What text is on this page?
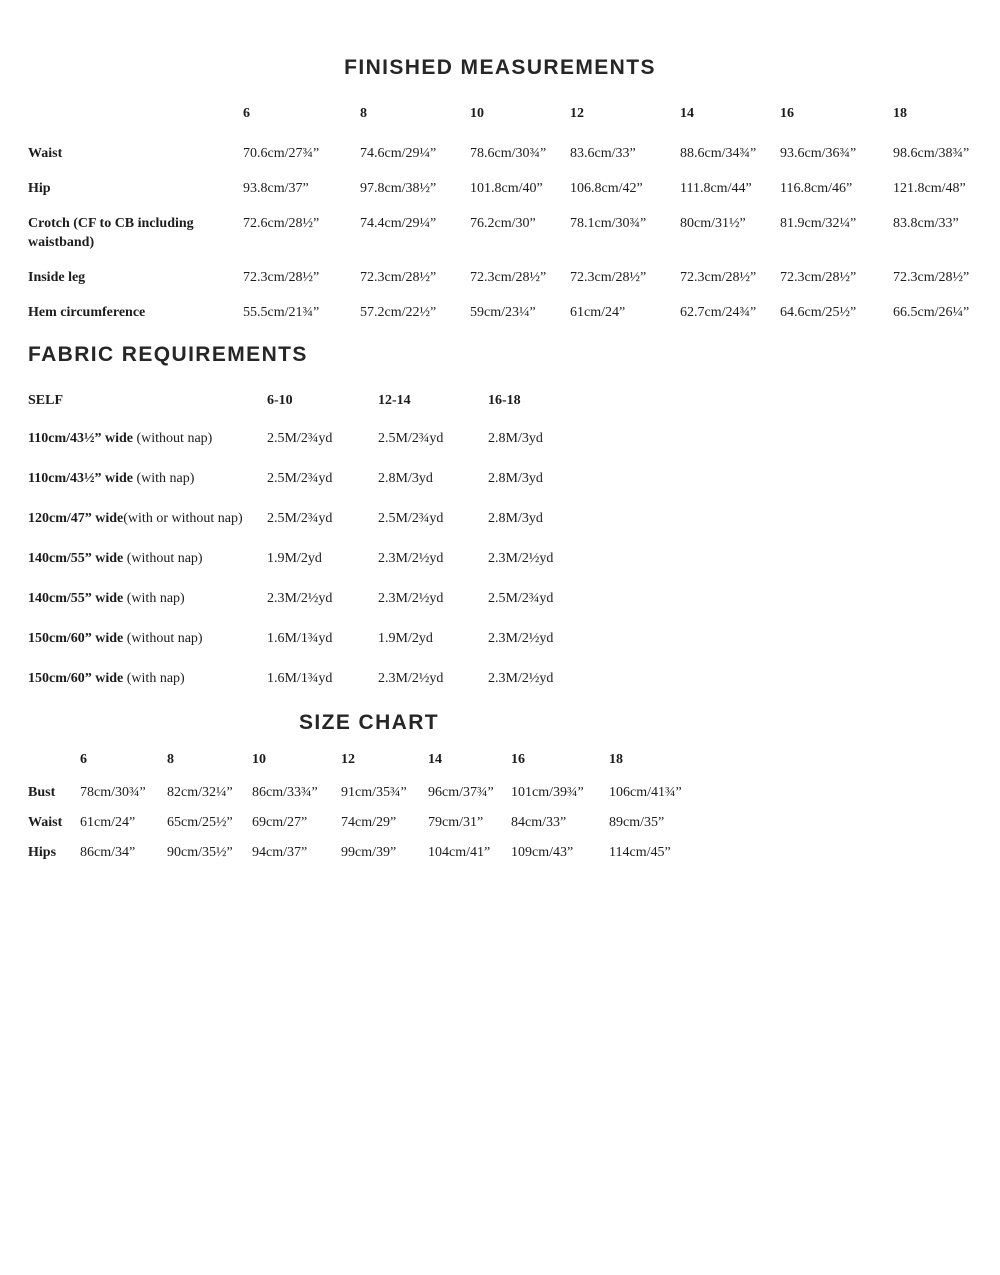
FINISHED MEASUREMENTS
	6	8	10	12	14	16	18
Waist	70.6cm/27¾”	74.6cm/29¼”	78.6cm/30¾”	83.6cm/33”	88.6cm/34¾”	93.6cm/36¾”	98.6cm/38¾”
Hip	93.8cm/37”	97.8cm/38½”	101.8cm/40”	106.8cm/42”	111.8cm/44”	116.8cm/46”	121.8cm/48”
Crotch (CF to CB including waistband)	72.6cm/28½”	74.4cm/29¼”	76.2cm/30”	78.1cm/30¾”	80cm/31½”	81.9cm/32¼”	83.8cm/33”
Inside leg	72.3cm/28½”	72.3cm/28½”	72.3cm/28½”	72.3cm/28½”	72.3cm/28½”	72.3cm/28½”	72.3cm/28½”
Hem circumference	55.5cm/21¾”	57.2cm/22½”	59cm/23¼”	61cm/24”	62.7cm/24¾”	64.6cm/25½”	66.5cm/26¼”
FABRIC REQUIREMENTS
SELF	6-10	12-14	16-18
110cm/43½” wide (without nap)	2.5M/2¾yd	2.5M/2¾yd	2.8M/3yd
110cm/43½” wide (with nap)	2.5M/2¾yd	2.8M/3yd	2.8M/3yd
120cm/47” wide(with or without nap)	2.5M/2¾yd	2.5M/2¾yd	2.8M/3yd
140cm/55” wide (without nap)	1.9M/2yd	2.3M/2½yd	2.3M/2½yd
140cm/55” wide (with nap)	2.3M/2½yd	2.3M/2½yd	2.5M/2¾yd
150cm/60” wide (without nap)	1.6M/1¾yd	1.9M/2yd	2.3M/2½yd
150cm/60” wide (with nap)	1.6M/1¾yd	2.3M/2½yd	2.3M/2½yd
SIZE CHART
	6	8	10	12	14	16	18
Bust	78cm/30¾”	82cm/32¼”	86cm/33¾”	91cm/35¾”	96cm/37¾”	101cm/39¾”	106cm/41¾”
Waist	61cm/24”	65cm/25½”	69cm/27”	74cm/29”	79cm/31”	84cm/33”	89cm/35”
Hips	86cm/34”	90cm/35½”	94cm/37”	99cm/39”	104cm/41”	109cm/43”	114cm/45”
